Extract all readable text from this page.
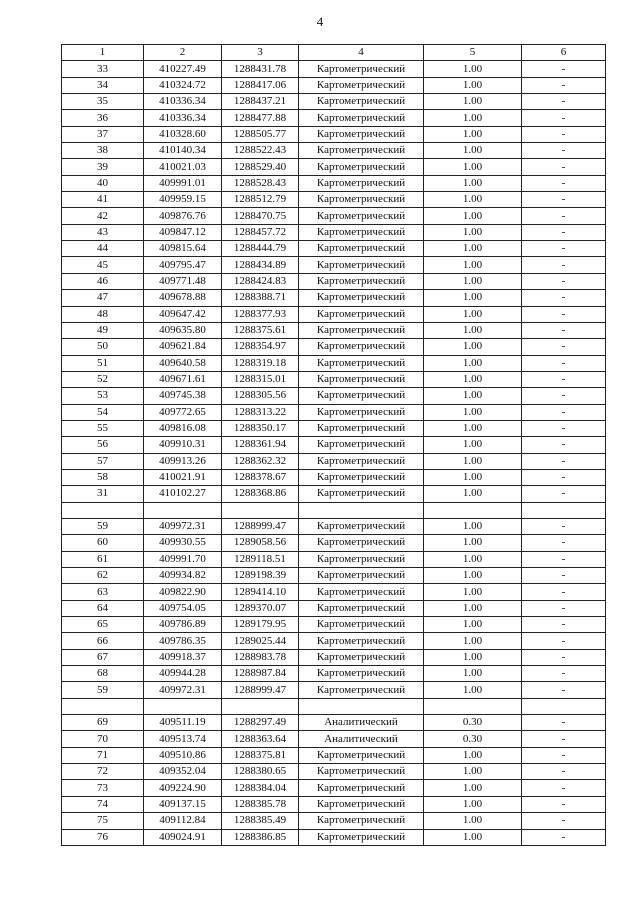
4
1	2	3	4	5	6
33	410227.49	1288431.78	Картометрический	1.00	-
34	410324.72	1288417.06	Картометрический	1.00	-
35	410336.34	1288437.21	Картометрический	1.00	-
36	410336.34	1288477.88	Картометрический	1.00	-
37	410328.60	1288505.77	Картометрический	1.00	-
38	410140.34	1288522.43	Картометрический	1.00	-
39	410021.03	1288529.40	Картометрический	1.00	-
40	409991.01	1288528.43	Картометрический	1.00	-
41	409959.15	1288512.79	Картометрический	1.00	-
42	409876.76	1288470.75	Картометрический	1.00	-
43	409847.12	1288457.72	Картометрический	1.00	-
44	409815.64	1288444.79	Картометрический	1.00	-
45	409795.47	1288434.89	Картометрический	1.00	-
46	409771.48	1288424.83	Картометрический	1.00	-
47	409678.88	1288388.71	Картометрический	1.00	-
48	409647.42	1288377.93	Картометрический	1.00	-
49	409635.80	1288375.61	Картометрический	1.00	-
50	409621.84	1288354.97	Картометрический	1.00	-
51	409640.58	1288319.18	Картометрический	1.00	-
52	409671.61	1288315.01	Картометрический	1.00	-
53	409745.38	1288305.56	Картометрический	1.00	-
54	409772.65	1288313.22	Картометрический	1.00	-
55	409816.08	1288350.17	Картометрический	1.00	-
56	409910.31	1288361.94	Картометрический	1.00	-
57	409913.26	1288362.32	Картометрический	1.00	-
58	410021.91	1288378.67	Картометрический	1.00	-
31	410102.27	1288368.86	Картометрический	1.00	-

59	409972.31	1288999.47	Картометрический	1.00	-
60	409930.55	1289058.56	Картометрический	1.00	-
61	409991.70	1289118.51	Картометрический	1.00	-
62	409934.82	1289198.39	Картометрический	1.00	-
63	409822.90	1289414.10	Картометрический	1.00	-
64	409754.05	1289370.07	Картометрический	1.00	-
65	409786.89	1289179.95	Картометрический	1.00	-
66	409786.35	1289025.44	Картометрический	1.00	-
67	409918.37	1288983.78	Картометрический	1.00	-
68	409944.28	1288987.84	Картометрический	1.00	-
59	409972.31	1288999.47	Картометрический	1.00	-

69	409511.19	1288297.49	Аналитический	0.30	-
70	409513.74	1288363.64	Аналитический	0.30	-
71	409510.86	1288375.81	Картометрический	1.00	-
72	409352.04	1288380.65	Картометрический	1.00	-
73	409224.90	1288384.04	Картометрический	1.00	-
74	409137.15	1288385.78	Картометрический	1.00	-
75	409112.84	1288385.49	Картометрический	1.00	-
76	409024.91	1288386.85	Картометрический	1.00	-
